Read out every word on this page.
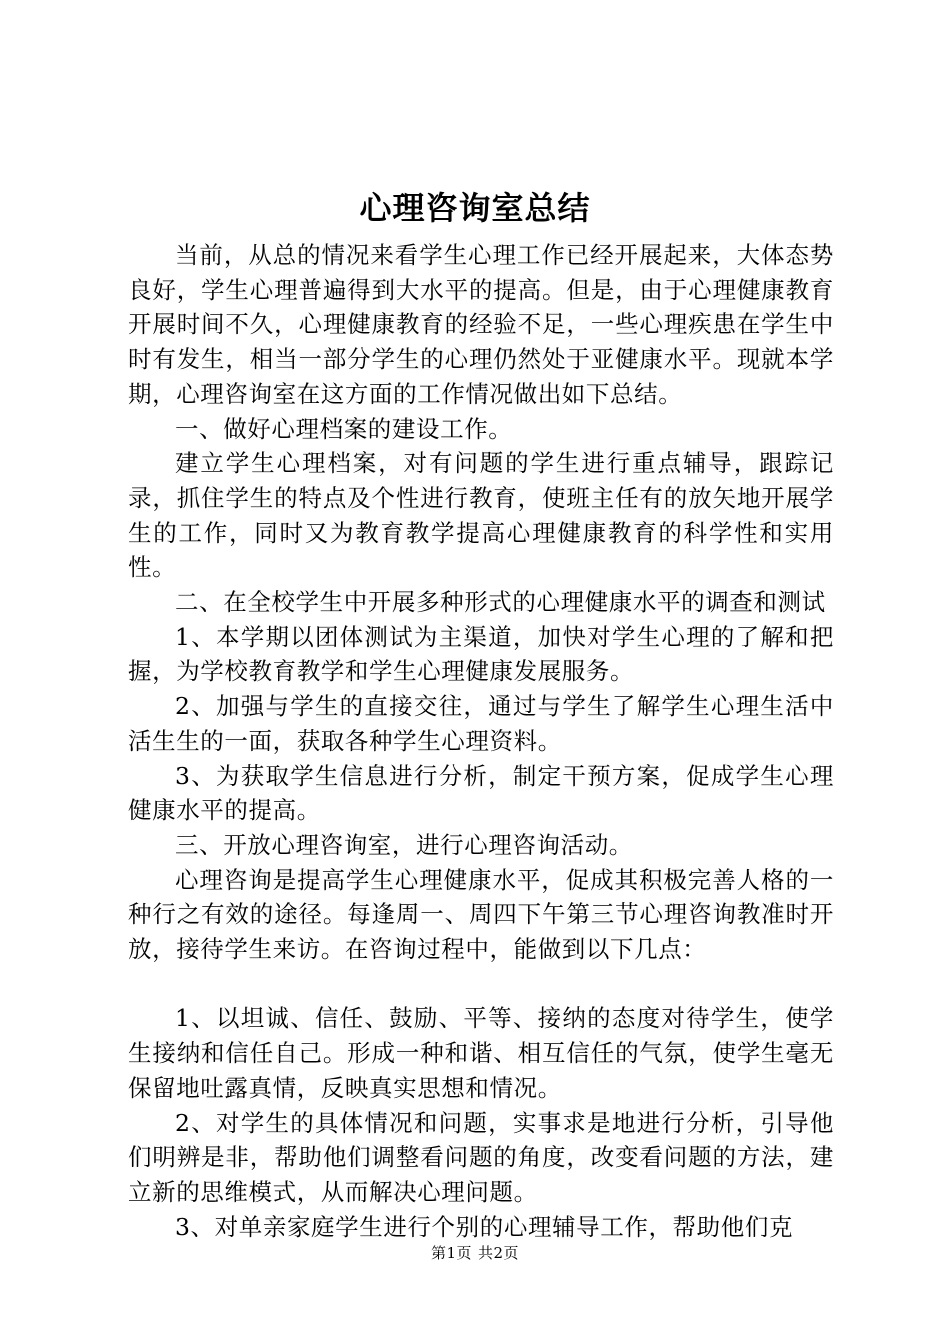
心理咨询室总结

当前，从总的情况来看学生心理工作已经开展起来，大体态势良好，学生心理普遍得到大水平的提高。但是，由于心理健康教育开展时间不久，心理健康教育的经验不足，一些心理疾患在学生中时有发生，相当一部分学生的心理仍然处于亚健康水平。现就本学期，心理咨询室在这方面的工作情况做出如下总结。

一、做好心理档案的建设工作。

建立学生心理档案，对有问题的学生进行重点辅导，跟踪记录，抓住学生的特点及个性进行教育，使班主任有的放矢地开展学生的工作，同时又为教育教学提高心理健康教育的科学性和实用性。

二、在全校学生中开展多种形式的心理健康水平的调查和测试

1、本学期以团体测试为主渠道，加快对学生心理的了解和把握，为学校教育教学和学生心理健康发展服务。

2、加强与学生的直接交往，通过与学生了解学生心理生活中活生生的一面，获取各种学生心理资料。

3、为获取学生信息进行分析，制定干预方案，促成学生心理健康水平的提高。

三、开放心理咨询室，进行心理咨询活动。

心理咨询是提高学生心理健康水平，促成其积极完善人格的一种行之有效的途径。每逢周一、周四下午第三节心理咨询教准时开放，接待学生来访。在咨询过程中，能做到以下几点：

1、以坦诚、信任、鼓励、平等、接纳的态度对待学生，使学生接纳和信任自己。形成一种和谐、相互信任的气氛，使学生毫无保留地吐露真情，反映真实思想和情况。

2、对学生的具体情况和问题，实事求是地进行分析，引导他们明辨是非，帮助他们调整看问题的角度，改变看问题的方法，建立新的思维模式，从而解决心理问题。

3、对单亲家庭学生进行个别的心理辅导工作，帮助他们克

第1页 共2页
